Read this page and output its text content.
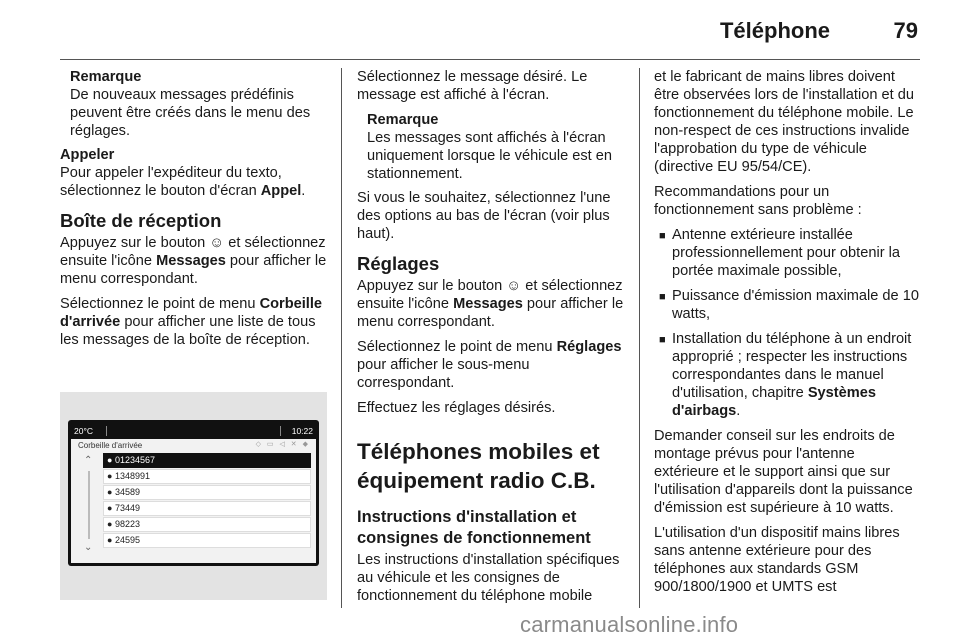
Téléphone	79
Remarque
De nouveaux messages prédéfinis peuvent être créés dans le menu des réglages.

Appeler
Pour appeler l'expéditeur du texto, sélectionnez le bouton d'écran Appel.

Boîte de réception

Appuyez sur le bouton ☺ et sélectionnez ensuite l'icône Messages pour afficher le menu correspondant.

Sélectionnez le point de menu Corbeille d'arrivée pour afficher une liste de tous les messages de la boîte de réception.

20°C	10:22
Corbeille d'arrivée	◇ ▭ ◁ ✕ ◆
⌃
⌄
● 01234567
● 1348991
● 34589
● 73449
● 98223
● 24595

Sélectionnez le message désiré. Le message est affiché à l'écran.

Remarque
Les messages sont affichés à l'écran uniquement lorsque le véhicule est en stationnement.

Si vous le souhaitez, sélectionnez l'une des options au bas de l'écran (voir plus haut).

Réglages

Appuyez sur le bouton ☺ et sélectionnez ensuite l'icône Messages pour afficher le menu correspondant.

Sélectionnez le point de menu Réglages pour afficher le sous-menu correspondant.

Effectuez les réglages désirés.

Téléphones mobiles et équipement radio C.B.
Instructions d'installation et consignes de fonctionnement

Les instructions d'installation spécifiques au véhicule et les consignes de fonctionnement du téléphone mobile

et le fabricant de mains libres doivent être observées lors de l'installation et du fonctionnement du téléphone mobile. Le non-respect de ces instructions invalide l'approbation du type de véhicule (directive EU 95/54/CE).

Recommandations pour un fonctionnement sans problème :

■ Antenne extérieure installée professionnellement pour obtenir la portée maximale possible,
■ Puissance d'émission maximale de 10 watts,
■ Installation du téléphone à un endroit approprié ; respecter les instructions correspondantes dans le manuel d'utilisation, chapitre Systèmes d'airbags.

Demander conseil sur les endroits de montage prévus pour l'antenne extérieure et le support ainsi que sur l'utilisation d'appareils dont la puissance d'émission est supérieure à 10 watts.

L'utilisation d'un dispositif mains libres sans antenne extérieure pour des téléphones aux standards GSM 900/1800/1900 et UMTS est

carmanualsonline.info
